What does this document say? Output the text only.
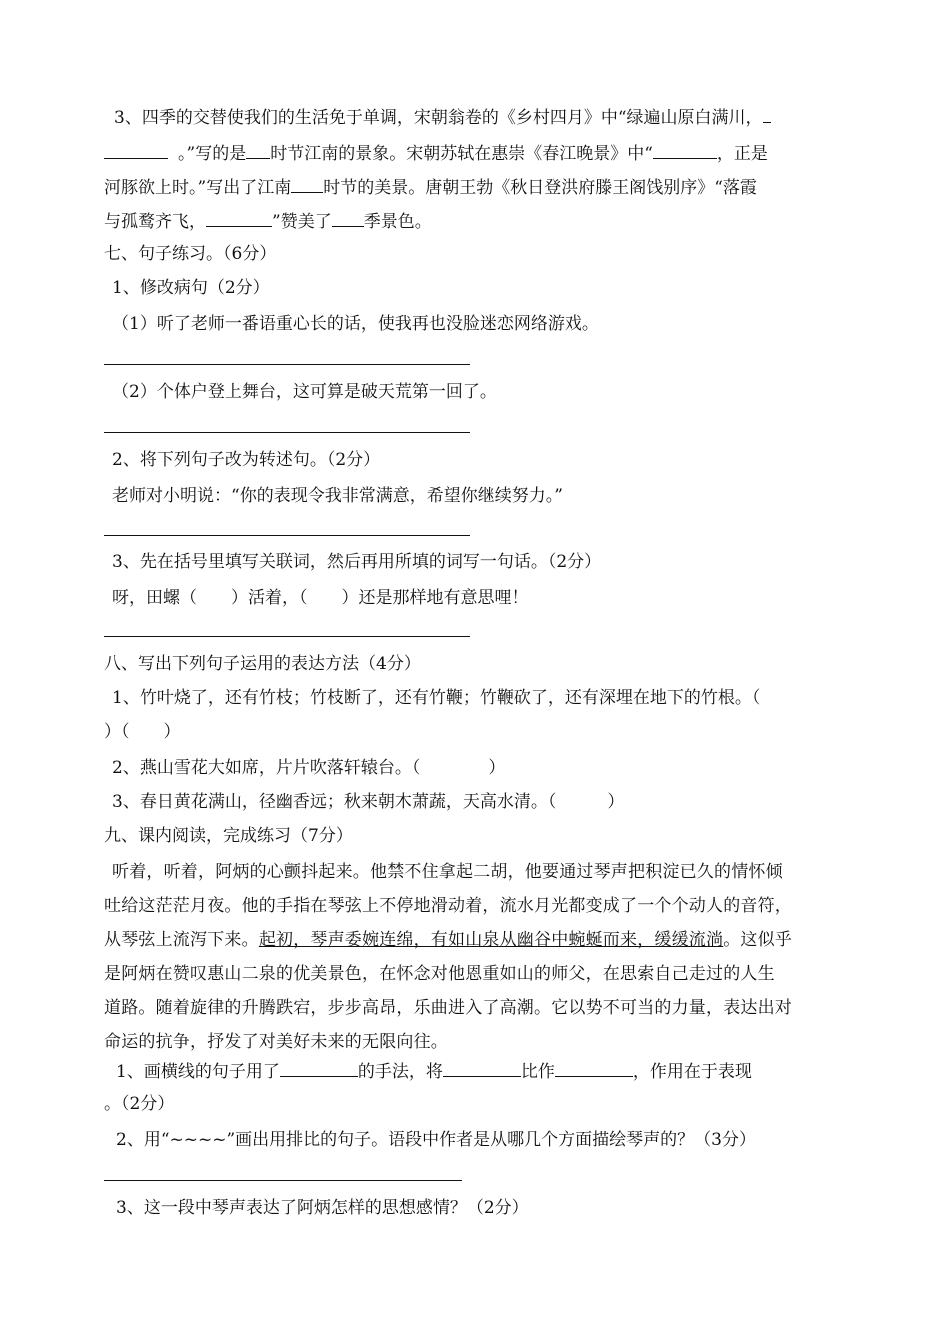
3、四季的交替使我们的生活免于单调，宋朝翁卷的《乡村四月》中“绿遍山原白满川，
。”写的是 时节江南的景象。宋朝苏轼在惠崇《春江晚景》中“	，正是
河豚欲上时。”写出了江南 时节的美景。唐朝王勃《秋日登洪府滕王阁饯别序》“落霞
与孤鹜齐飞，	”赞美了 季景色。
七、句子练习。（6分）
1、修改病句（2分）
（1）听了老师一番语重心长的话，使我再也没脸迷恋网络游戏。
（2）个体户登上舞台，这可算是破天荒第一回了。
2、将下列句子改为转述句。（2分）
老师对小明说：“你的表现令我非常满意，希望你继续努力。”
3、先在括号里填写关联词，然后再用所填的词写一句话。（2分）
呀，田螺（　　）活着，（　　）还是那样地有意思哩！
八、写出下列句子运用的表达方法（4分）
1、竹叶烧了，还有竹枝；竹枝断了，还有竹鞭；竹鞭砍了，还有深埋在地下的竹根。（
）（　　）
2、燕山雪花大如席，片片吹落轩辕台。（　　　　）
3、春日黄花满山，径幽香远；秋来朝木萧蔬，天高水清。（　　　）
九、课内阅读，完成练习（7分）
听着，听着，阿炳的心颤抖起来。他禁不住拿起二胡，他要通过琴声把积淀已久的情怀倾
吐给这茫茫月夜。他的手指在琴弦上不停地滑动着，流水月光都变成了一个个动人的音符，
从琴弦上流泻下来。起初，琴声委婉连绵，有如山泉从幽谷中蜿蜒而来，缓缓流淌。这似乎
是阿炳在赞叹惠山二泉的优美景色，在怀念对他恩重如山的师父，在思索自己走过的人生
道路。随着旋律的升腾跌宕，步步高昂，乐曲进入了高潮。它以势不可当的力量，表达出对
命运的抗争，抒发了对美好未来的无限向往。
1、画横线的句子用了	的手法，将	比作	，作用在于表现
。（2分）
2、用“~~~~”画出用排比的句子。语段中作者是从哪几个方面描绘琴声的？（3分）
3、这一段中琴声表达了阿炳怎样的思想感情？（2分）
